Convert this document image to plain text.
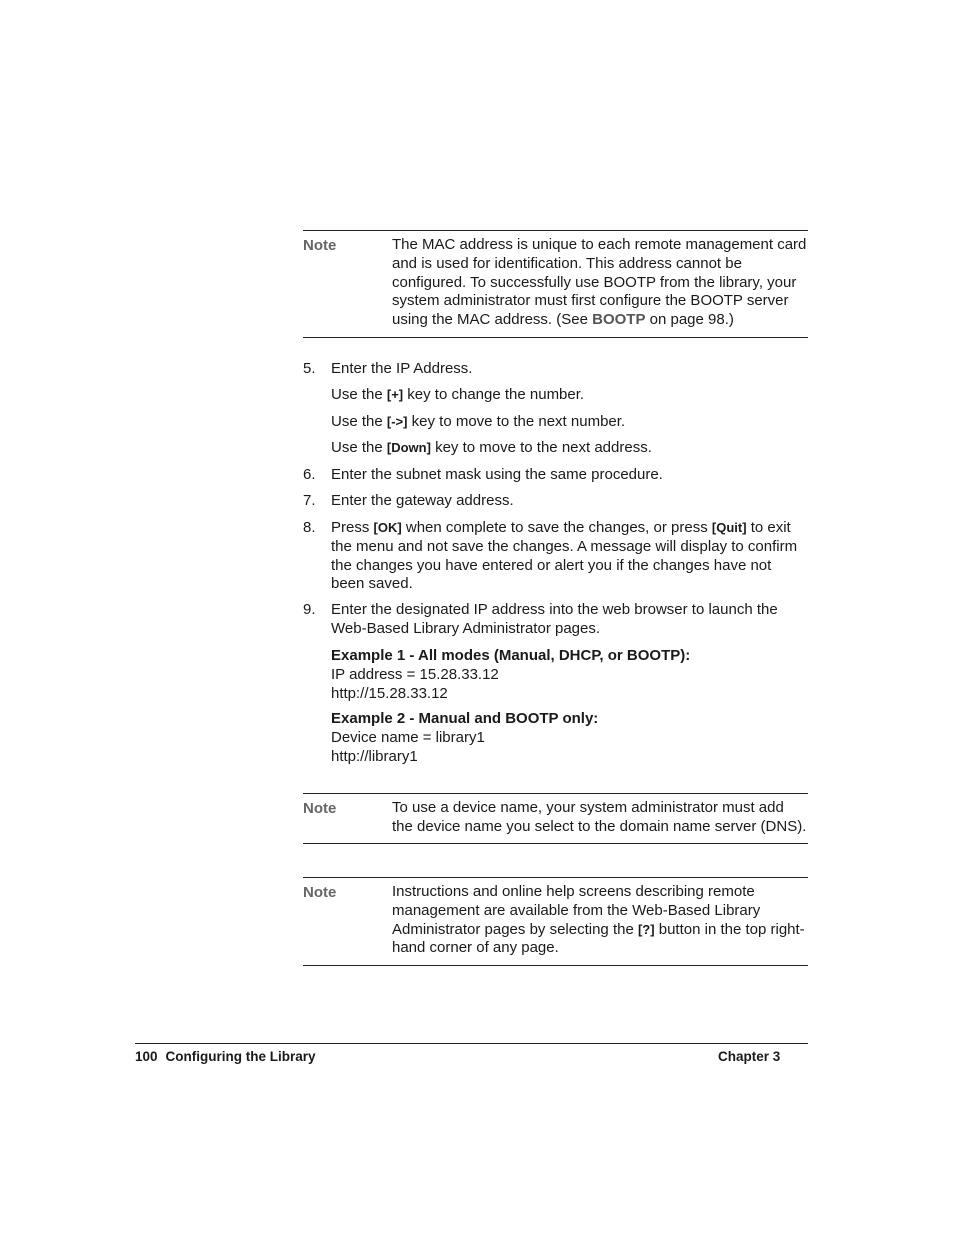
Note	The MAC address is unique to each remote management card and is used for identification. This address cannot be configured. To successfully use BOOTP from the library, your system administrator must first configure the BOOTP server using the MAC address. (See BOOTP on page 98.)
5. Enter the IP Address.
Use the [+] key to change the number.
Use the [->] key to move to the next number.
Use the [Down] key to move to the next address.
6. Enter the subnet mask using the same procedure.
7. Enter the gateway address.
8. Press [OK] when complete to save the changes, or press [Quit] to exit the menu and not save the changes. A message will display to confirm the changes you have entered or alert you if the changes have not been saved.
9. Enter the designated IP address into the web browser to launch the Web-Based Library Administrator pages.
Example 1 - All modes (Manual, DHCP, or BOOTP):
IP address = 15.28.33.12
http://15.28.33.12
Example 2 - Manual and BOOTP only:
Device name = library1
http://library1
Note	To use a device name, your system administrator must add the device name you select to the domain name server (DNS).
Note	Instructions and online help screens describing remote management are available from the Web-Based Library Administrator pages by selecting the [?] button in the top right-hand corner of any page.
100 Configuring the Library	Chapter 3
